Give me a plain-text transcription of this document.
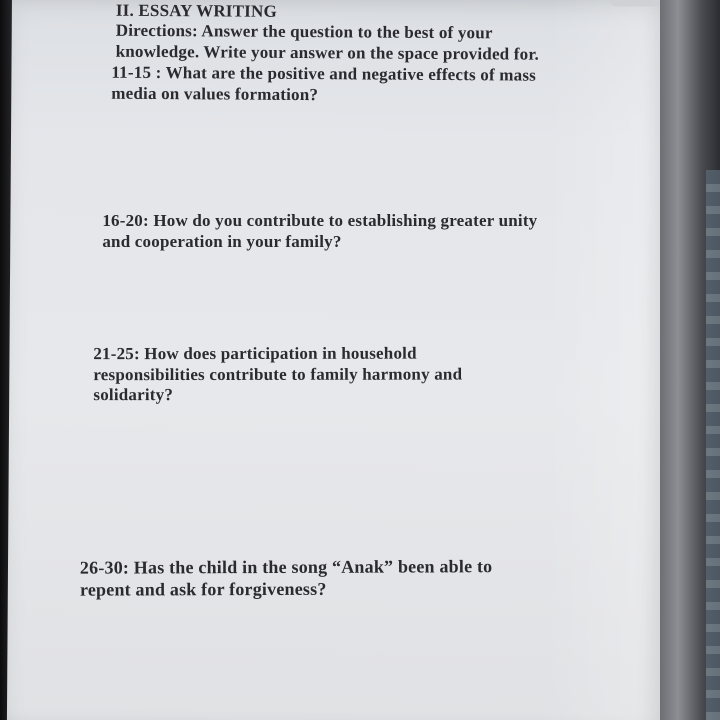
II. ESSAY WRITING

Directions: Answer the question to the best of your
knowledge. Write your answer on the space provided for.

11-15 : What are the positive and negative effects of mass
media on values formation?

16-20: How do you contribute to establishing greater unity
and cooperation in your family?

21-25: How does participation in household
responsibilities contribute to family harmony and
solidarity?

26-30: Has the child in the song “Anak” been able to
repent and ask for forgiveness?
